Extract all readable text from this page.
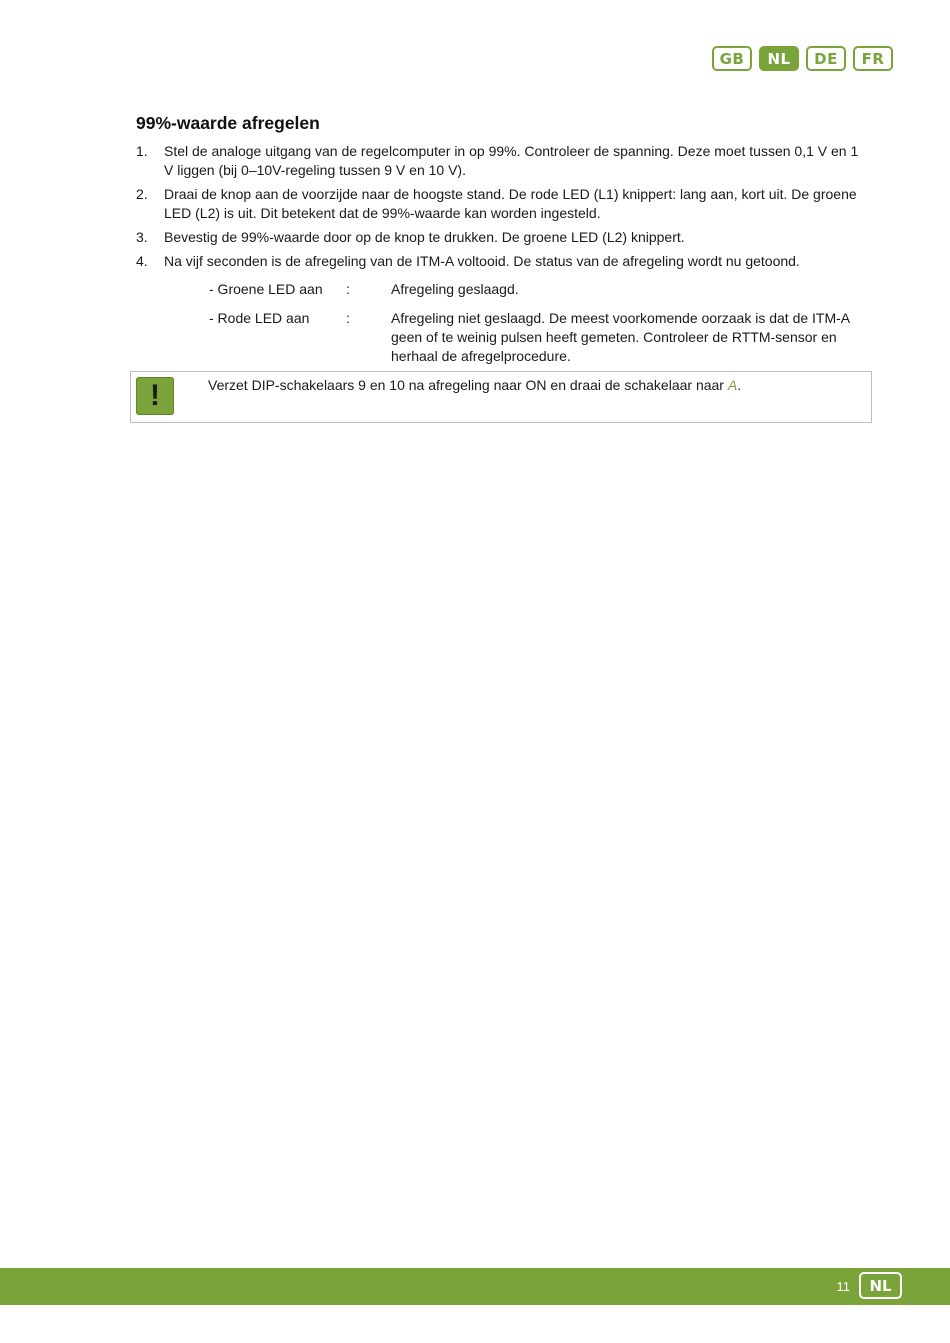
GB	NL	DE	FR
99%-waarde afregelen
1.	Stel de analoge uitgang van de regelcomputer in op 99%. Controleer de spanning. Deze moet tussen 0,1 V en 1 V liggen (bij 0–10V-regeling tussen 9 V en 10 V).
2.	Draai de knop aan de voorzijde naar de hoogste stand. De rode LED (L1) knippert: lang aan, kort uit. De groene LED (L2) is uit. Dit betekent dat de 99%-waarde kan worden ingesteld.
3.	Bevestig de 99%-waarde door op de knop te drukken. De groene LED (L2) knippert.
4.	Na vijf seconden is de afregeling van de ITM-A voltooid. De status van de afregeling wordt nu getoond.
- Groene LED aan	:	Afregeling geslaagd.
- Rode LED aan	:	Afregeling niet geslaagd. De meest voorkomende oorzaak is dat de ITM-A geen of te weinig pulsen heeft gemeten. Controleer de RTTM-sensor en herhaal de afregelprocedure.
!	Verzet DIP-schakelaars 9 en 10 na afregeling naar ON en draai de schakelaar naar A.
11	NL
